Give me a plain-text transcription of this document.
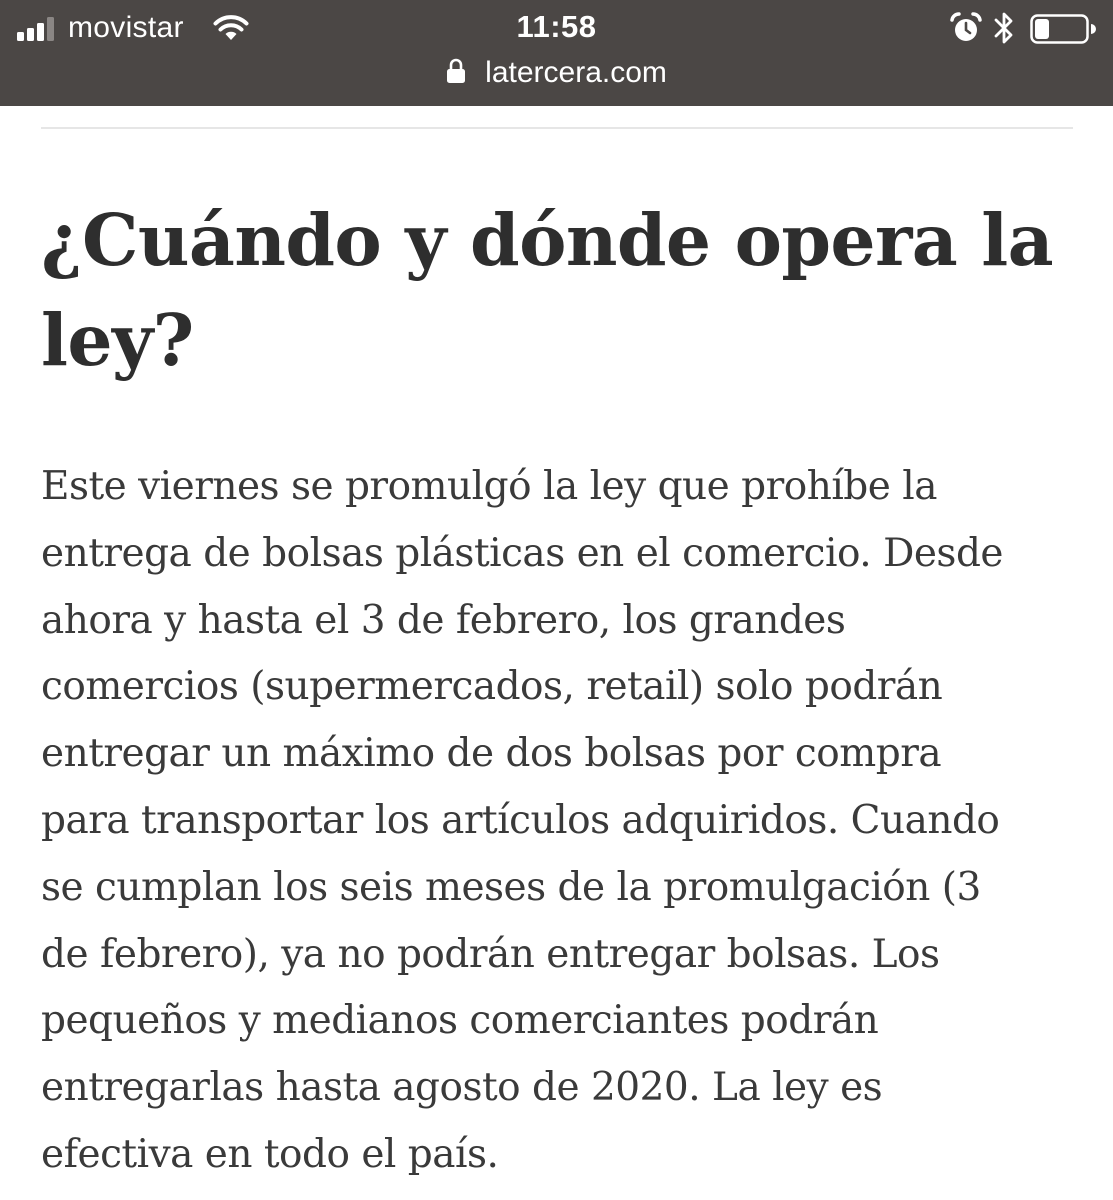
movistar	11:58
latercera.com
¿Cuándo y dónde opera la
ley?
Este viernes se promulgó la ley que prohíbe la
entrega de bolsas plásticas en el comercio. Desde
ahora y hasta el 3 de febrero, los grandes
comercios (supermercados, retail) solo podrán
entregar un máximo de dos bolsas por compra
para transportar los artículos adquiridos. Cuando
se cumplan los seis meses de la promulgación (3
de febrero), ya no podrán entregar bolsas. Los
pequeños y medianos comerciantes podrán
entregarlas hasta agosto de 2020. La ley es
efectiva en todo el país.
